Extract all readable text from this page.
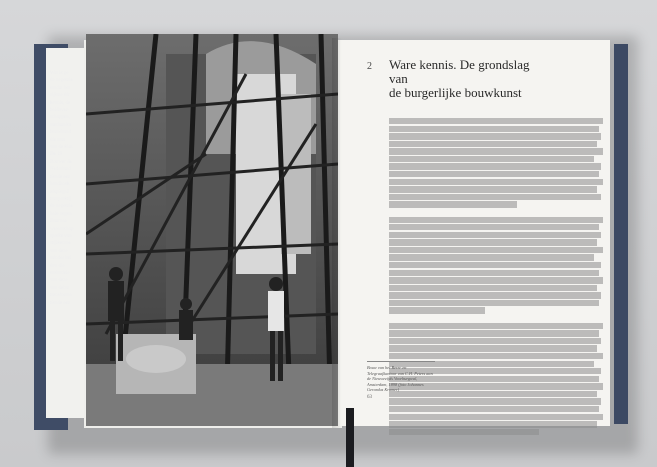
Wat is ge
de negentie
omdat het
sijkste dir
kennis, de
beldover-
schappen,
mechanica
bouwkund
die tuss
van de klas
De 19
Bouwer de
Nederland
tiende eeu
handboek
afspiegeli
tuurpraktij
de negentie
hele negen
Daarnaa
wetenschap
spreke van
stijlkenme
van deze
minder bel
den die
onderdele
van deze
van debat
transforma
tiende eeu
2 Ware kennis. De grondslag van
de burgerlijke bouwkunst
Bouw van het Bern- en Telegraafkantoor van C.H. Peters aan de Nieuwezijds Voorburgwal, Amsterdam, 1898 (foto Johannes Gerardus Kramer)
63
